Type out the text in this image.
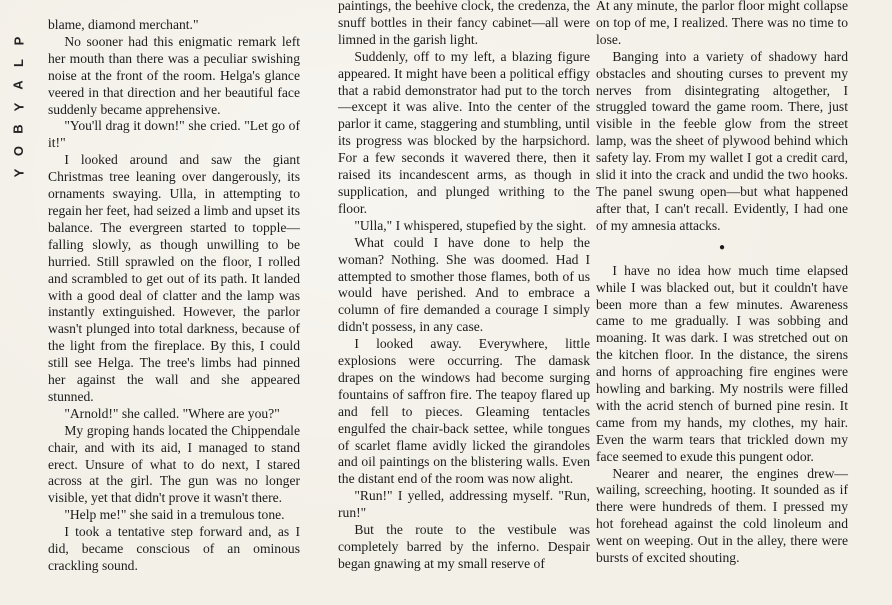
P
L
A
Y
B
O
Y

blame, diamond merchant."

No sooner had this enigmatic remark left her mouth than there was a peculiar swishing noise at the front of the room. Helga's glance veered in that direction and her beautiful face suddenly became apprehensive.

"You'll drag it down!" she cried. "Let go of it!"

I looked around and saw the giant Christmas tree leaning over dangerously, its ornaments swaying. Ulla, in attempting to regain her feet, had seized a limb and upset its balance. The evergreen started to topple—falling slowly, as though unwilling to be hurried. Still sprawled on the floor, I rolled and scrambled to get out of its path. It landed with a good deal of clatter and the lamp was instantly extinguished. However, the parlor wasn't plunged into total darkness, because of the light from the fireplace. By this, I could still see Helga. The tree's limbs had pinned her against the wall and she appeared stunned.

"Arnold!" she called. "Where are you?"

My groping hands located the Chippendale chair, and with its aid, I managed to stand erect. Unsure of what to do next, I stared across at the girl. The gun was no longer visible, yet that didn't prove it wasn't there.

"Help me!" she said in a tremulous tone.

I took a tentative step forward and, as I did, became conscious of an ominous crackling sound.

paintings, the beehive clock, the credenza, the snuff bottles in their fancy cabinet—all were limned in the garish light.

Suddenly, off to my left, a blazing figure appeared. It might have been a political effigy that a rabid demonstrator had put to the torch—except it was alive. Into the center of the parlor it came, staggering and stumbling, until its progress was blocked by the harpsichord. For a few seconds it wavered there, then it raised its incandescent arms, as though in supplication, and plunged writhing to the floor.

"Ulla," I whispered, stupefied by the sight.

What could I have done to help the woman? Nothing. She was doomed. Had I attempted to smother those flames, both of us would have perished. And to embrace a column of fire demanded a courage I simply didn't possess, in any case.

I looked away. Everywhere, little explosions were occurring. The damask drapes on the windows had become surging fountains of saffron fire. The teapoy flared up and fell to pieces. Gleaming tentacles engulfed the chair-back settee, while tongues of scarlet flame avidly licked the girandoles and oil paintings on the blistering walls. Even the distant end of the room was now alight.

"Run!" I yelled, addressing myself. "Run, run!"

But the route to the vestibule was completely barred by the inferno. Despair began gnawing at my small reserve of

At any minute, the parlor floor might collapse on top of me, I realized. There was no time to lose.

Banging into a variety of shadowy hard obstacles and shouting curses to prevent my nerves from disintegrating altogether, I struggled toward the game room. There, just visible in the feeble glow from the street lamp, was the sheet of plywood behind which safety lay. From my wallet I got a credit card, slid it into the crack and undid the two hooks. The panel swung open—but what happened after that, I can't recall. Evidently, I had one of my amnesia attacks.

●

I have no idea how much time elapsed while I was blacked out, but it couldn't have been more than a few minutes. Awareness came to me gradually. I was sobbing and moaning. It was dark. I was stretched out on the kitchen floor. In the distance, the sirens and horns of approaching fire engines were howling and barking. My nostrils were filled with the acrid stench of burned pine resin. It came from my hands, my clothes, my hair. Even the warm tears that trickled down my face seemed to exude this pungent odor.

Nearer and nearer, the engines drew—wailing, screeching, hooting. It sounded as if there were hundreds of them. I pressed my hot forehead against the cold linoleum and went on weeping. Out in the alley, there were bursts of excited shouting.
